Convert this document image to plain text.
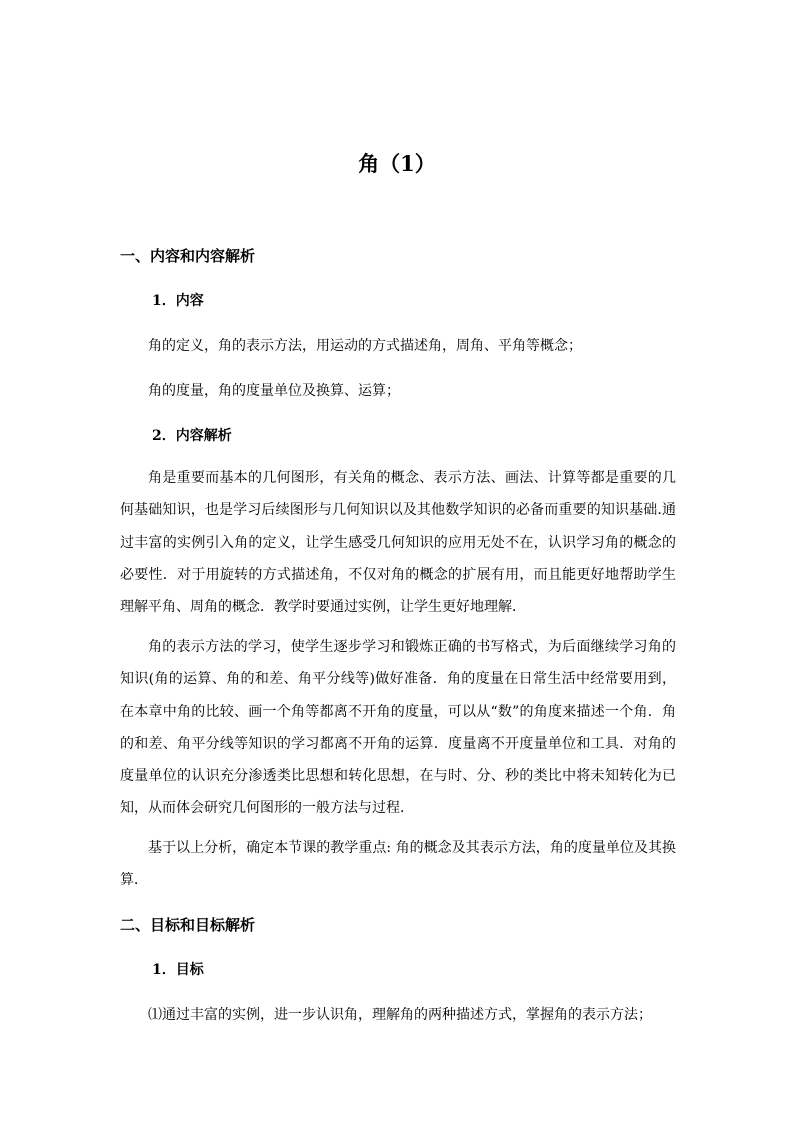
角（1）
一、内容和内容解析
1．内容
角的定义，角的表示方法，用运动的方式描述角，周角、平角等概念；
角的度量，角的度量单位及换算、运算；
2．内容解析
角是重要而基本的几何图形，有关角的概念、表示方法、画法、计算等都是重要的几何基础知识，也是学习后续图形与几何知识以及其他数学知识的必备而重要的知识基础.通过丰富的实例引入角的定义，让学生感受几何知识的应用无处不在，认识学习角的概念的必要性．对于用旋转的方式描述角，不仅对角的概念的扩展有用，而且能更好地帮助学生理解平角、周角的概念．教学时要通过实例，让学生更好地理解．
角的表示方法的学习，使学生逐步学习和锻炼正确的书写格式，为后面继续学习角的知识(角的运算、角的和差、角平分线等)做好准备．角的度量在日常生活中经常要用到，在本章中角的比较、画一个角等都离不开角的度量，可以从“数”的角度来描述一个角．角的和差、角平分线等知识的学习都离不开角的运算．度量离不开度量单位和工具．对角的度量单位的认识充分渗透类比思想和转化思想，在与时、分、秒的类比中将未知转化为已知，从而体会研究几何图形的一般方法与过程．
基于以上分析，确定本节课的教学重点: 角的概念及其表示方法，角的度量单位及其换算．
二、目标和目标解析
1．目标
⑴通过丰富的实例，进一步认识角，理解角的两种描述方式，掌握角的表示方法；
